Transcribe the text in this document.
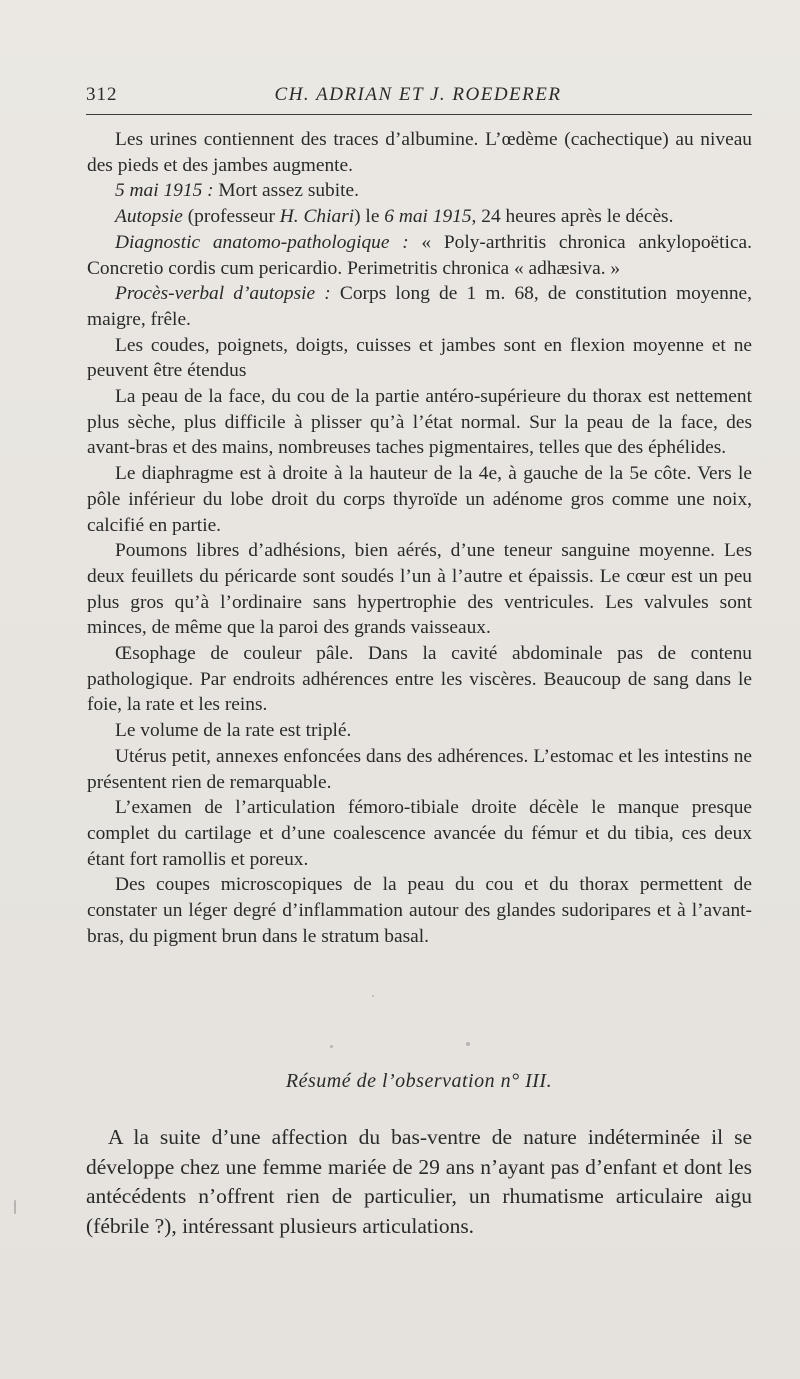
312	CH. ADRIAN ET J. ROEDERER

Les urines contiennent des traces d’albumine. L’œdème (cachectique) au niveau des pieds et des jambes augmente.

5 mai 1915 : Mort assez subite.

Autopsie (professeur H. Chiari) le 6 mai 1915, 24 heures après le décès.

Diagnostic anatomo-pathologique : « Poly-arthritis chronica ankylopoëtica. Concretio cordis cum pericardio. Perimetritis chronica « adhæsiva. »

Procès-verbal d’autopsie : Corps long de 1 m. 68, de constitution moyenne, maigre, frêle.

Les coudes, poignets, doigts, cuisses et jambes sont en flexion moyenne et ne peuvent être étendus

La peau de la face, du cou de la partie antéro-supérieure du thorax est nettement plus sèche, plus difficile à plisser qu’à l’état normal. Sur la peau de la face, des avant-bras et des mains, nombreuses taches pigmentaires, telles que des éphélides.

Le diaphragme est à droite à la hauteur de la 4e, à gauche de la 5e côte. Vers le pôle inférieur du lobe droit du corps thyroïde un adénome gros comme une noix, calcifié en partie.

Poumons libres d’adhésions, bien aérés, d’une teneur sanguine moyenne. Les deux feuillets du péricarde sont soudés l’un à l’autre et épaissis. Le cœur est un peu plus gros qu’à l’ordinaire sans hypertrophie des ventricules. Les valvules sont minces, de même que la paroi des grands vaisseaux.

Œsophage de couleur pâle. Dans la cavité abdominale pas de contenu pathologique. Par endroits adhérences entre les viscères. Beaucoup de sang dans le foie, la rate et les reins.

Le volume de la rate est triplé.

Utérus petit, annexes enfoncées dans des adhérences. L’estomac et les intestins ne présentent rien de remarquable.

L’examen de l’articulation fémoro-tibiale droite décèle le manque presque complet du cartilage et d’une coalescence avancée du fémur et du tibia, ces deux étant fort ramollis et poreux.

Des coupes microscopiques de la peau du cou et du thorax permettent de constater un léger degré d’inflammation autour des glandes sudoripares et à l’avant-bras, du pigment brun dans le stratum basal.

Résumé de l’observation n° III.

A la suite d’une affection du bas-ventre de nature indéterminée il se développe chez une femme mariée de 29 ans n’ayant pas d’enfant et dont les antécédents n’offrent rien de particulier, un rhumatisme articulaire aigu (fébrile ?), intéressant plusieurs articulations.
